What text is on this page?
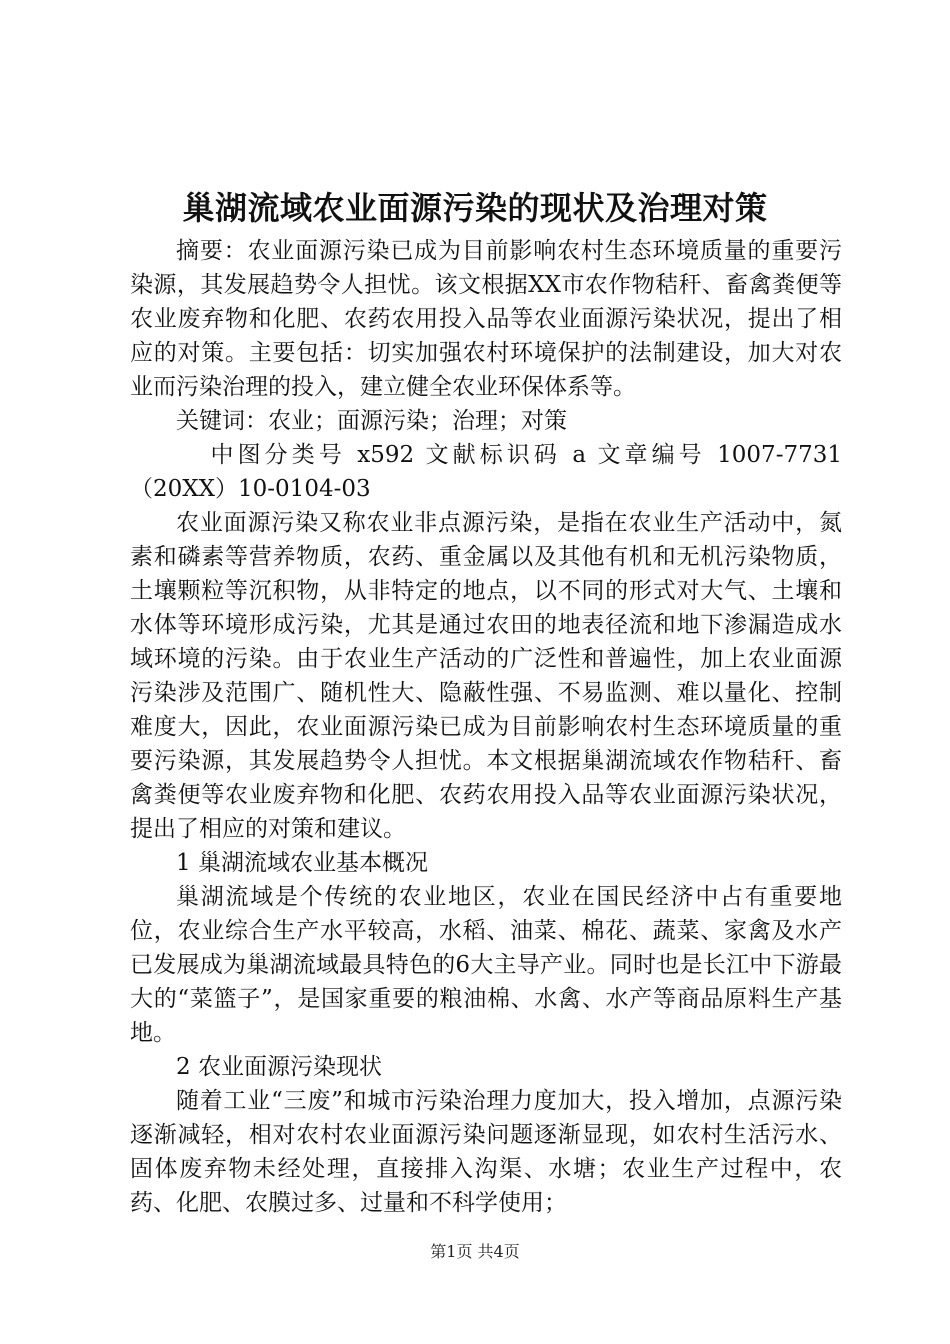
巢湖流域农业面源污染的现状及治理对策

摘要：农业面源污染已成为目前影响农村生态环境质量的重要污染源，其发展趋势令人担忧。该文根据XX市农作物秸秆、畜禽粪便等农业废弃物和化肥、农药农用投入品等农业面源污染状况，提出了相应的对策。主要包括：切实加强农村环境保护的法制建设，加大对农业而污染治理的投入，建立健全农业环保体系等。

关键词：农业；面源污染；治理；对策

中图分类号 x592 文献标识码 a 文章编号 1007-7731（20XX）10-0104-03

农业面源污染又称农业非点源污染，是指在农业生产活动中，氮素和磷素等营养物质，农药、重金属以及其他有机和无机污染物质，土壤颗粒等沉积物，从非特定的地点，以不同的形式对大气、土壤和水体等环境形成污染，尤其是通过农田的地表径流和地下渗漏造成水域环境的污染。由于农业生产活动的广泛性和普遍性，加上农业面源污染涉及范围广、随机性大、隐蔽性强、不易监测、难以量化、控制难度大，因此，农业面源污染已成为目前影响农村生态环境质量的重要污染源，其发展趋势令人担忧。本文根据巢湖流域农作物秸秆、畜禽粪便等农业废弃物和化肥、农药农用投入品等农业面源污染状况，提出了相应的对策和建议。

1 巢湖流域农业基本概况

巢湖流域是个传统的农业地区，农业在国民经济中占有重要地位，农业综合生产水平较高，水稻、油菜、棉花、蔬菜、家禽及水产已发展成为巢湖流域最具特色的6大主导产业。同时也是长江中下游最大的“菜篮子”，是国家重要的粮油棉、水禽、水产等商品原料生产基地。

2 农业面源污染现状

随着工业“三废”和城市污染治理力度加大，投入增加，点源污染逐渐减轻，相对农村农业面源污染问题逐渐显现，如农村生活污水、固体废弃物未经处理，直接排入沟渠、水塘；农业生产过程中，农药、化肥、农膜过多、过量和不科学使用；

第1页 共4页
